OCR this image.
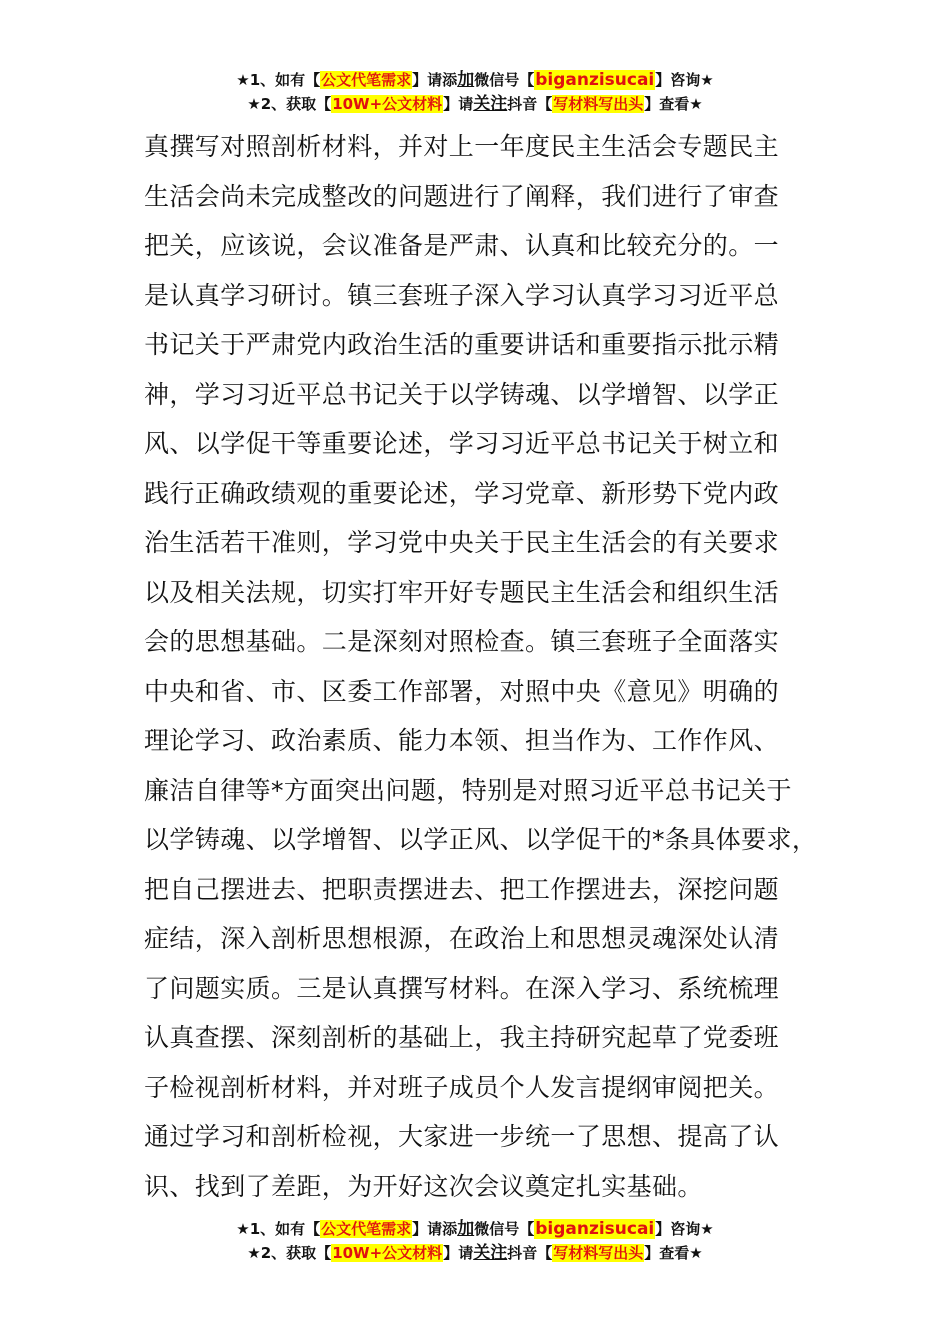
★1、如有【公文代笔需求】请添加微信号【biganzisucai】咨询★
★2、获取【10W+公文材料】请关注抖音【写材料写出头】查看★
真撰写对照剖析材料，并对上一年度民主生活会专题民主
生活会尚未完成整改的问题进行了阐释，我们进行了审查
把关，应该说，会议准备是严肃、认真和比较充分的。一
是认真学习研讨。镇三套班子深入学习认真学习习近平总
书记关于严肃党内政治生活的重要讲话和重要指示批示精
神，学习习近平总书记关于以学铸魂、以学增智、以学正
风、以学促干等重要论述，学习习近平总书记关于树立和
践行正确政绩观的重要论述，学习党章、新形势下党内政
治生活若干准则，学习党中央关于民主生活会的有关要求
以及相关法规，切实打牢开好专题民主生活会和组织生活
会的思想基础。二是深刻对照检查。镇三套班子全面落实
中央和省、市、区委工作部署，对照中央《意见》明确的
理论学习、政治素质、能力本领、担当作为、工作作风、
廉洁自律等*方面突出问题，特别是对照习近平总书记关于
以学铸魂、以学增智、以学正风、以学促干的*条具体要求，
把自己摆进去、把职责摆进去、把工作摆进去，深挖问题
症结，深入剖析思想根源，在政治上和思想灵魂深处认清
了问题实质。三是认真撰写材料。在深入学习、系统梳理
认真查摆、深刻剖析的基础上，我主持研究起草了党委班
子检视剖析材料，并对班子成员个人发言提纲审阅把关。
通过学习和剖析检视，大家进一步统一了思想、提高了认
识、找到了差距，为开好这次会议奠定扎实基础。
★1、如有【公文代笔需求】请添加微信号【biganzisucai】咨询★
★2、获取【10W+公文材料】请关注抖音【写材料写出头】查看★
